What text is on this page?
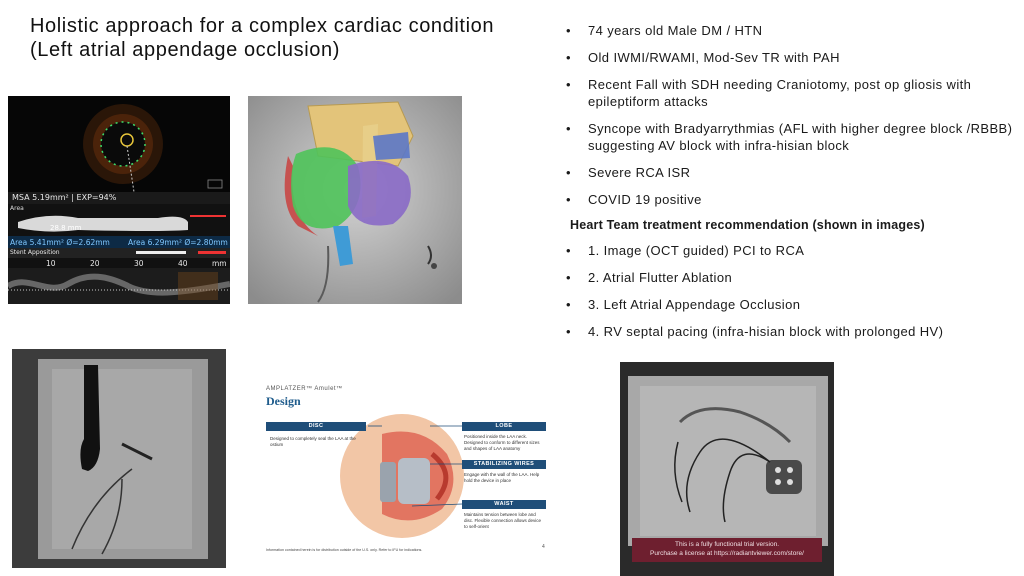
Holistic approach for a complex cardiac condition
(Left atrial appendage occlusion)
•	74 years old Male DM / HTN
•	Old IWMI/RWAMI, Mod-Sev TR with PAH
•	Recent Fall with SDH needing Craniotomy, post op gliosis with epileptiform attacks
•	Syncope with Bradyarrythmias (AFL with higher degree block /RBBB) suggesting AV block with infra-hisian block
•	Severe RCA ISR
•	COVID 19 positive
Heart Team treatment recommendation (shown in images)
•	1. Image (OCT guided) PCI to RCA
•	2. Atrial Flutter Ablation
•	3. Left Atrial Appendage Occlusion
•	4. RV septal pacing (infra-hisian block with prolonged HV)
MSA 5.19mm² | EXP=94%
Area
28.8 mm
Area 5.41mm² Ø=2.62mm Area 6.29mm² Ø=2.80mm
Stent Apposition
10	20	30	40	mm
AMPLATZER™ Amulet™
Design
DISC
Designed to completely seal the LAA at the ostium
LOBE
Positioned inside the LAA neck. Designed to conform to different sizes and shapes of LAA anatomy
STABILIZING WIRES
Engage with the wall of the LAA. Help hold the device in place
WAIST
Maintains tension between lobe and disc. Flexible connection allows device to self-orient
Information contained herein is for distribution outside of the U.S. only. Refer to IFU for indications.	4	This is a fully functional trial version.
Purchase a license at https://radiantviewer.com/store/
